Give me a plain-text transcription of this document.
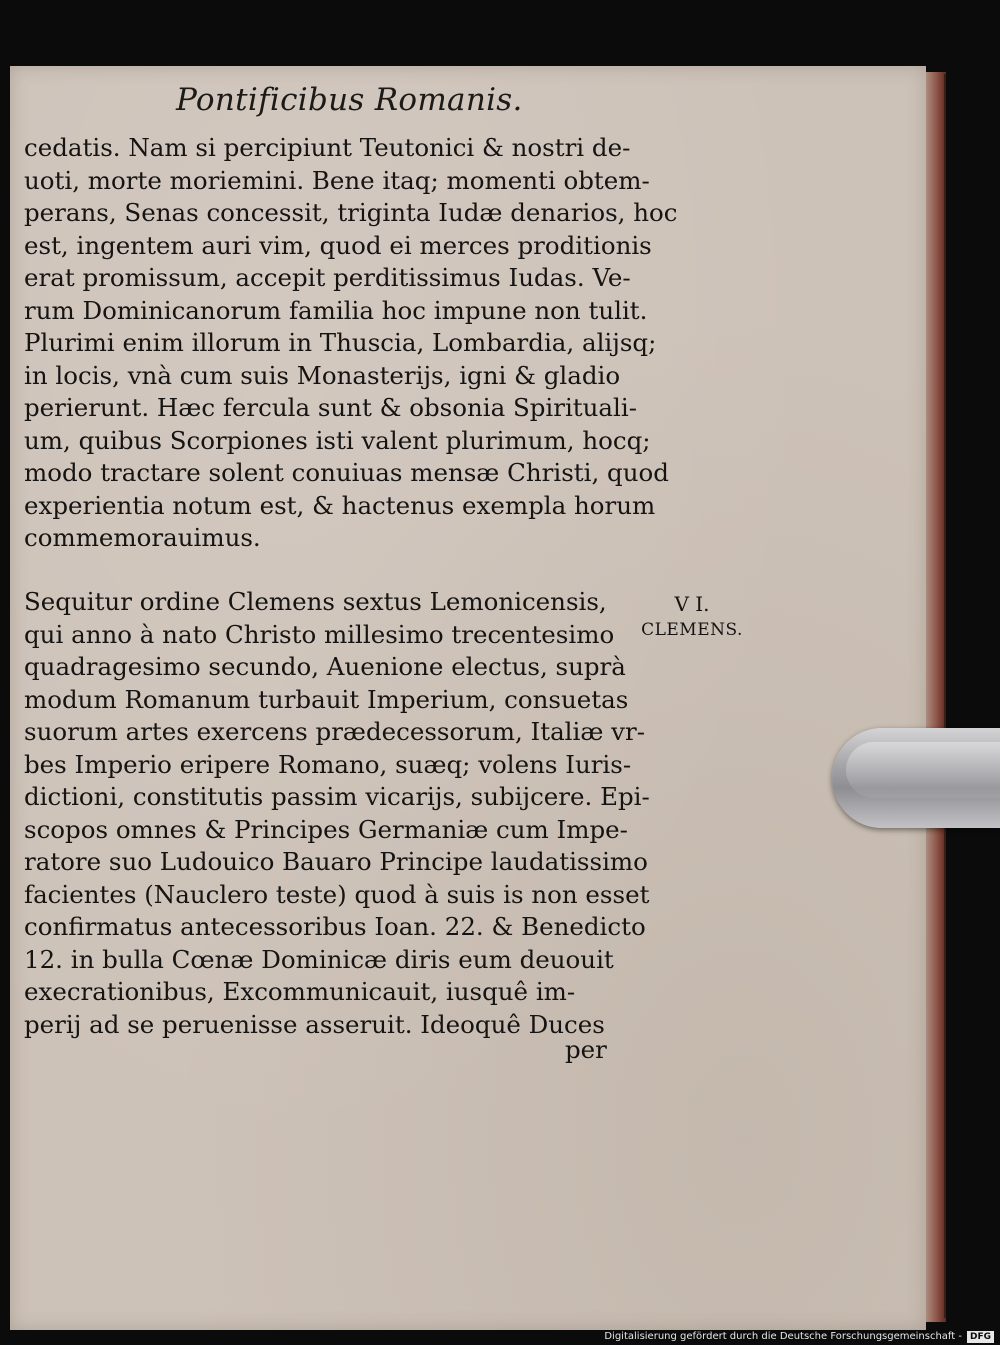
Pontificibus Romanis.
cedatis. Nam si percipiunt Teutonici & nostri de-
uoti, morte moriemini. Bene itaq; momenti obtem-
perans, Senas concessit, triginta Iudæ denarios, hoc
est, ingentem auri vim, quod ei merces proditionis
erat promissum, accepit perditissimus Iudas. Ve-
rum Dominicanorum familia hoc impune non tulit.
Plurimi enim illorum in Thuscia, Lombardia, alijsq;
in locis, vnà cum suis Monasterijs, igni & gladio
perierunt. Hæc fercula sunt & obsonia Spirituali-
um, quibus Scorpiones isti valent plurimum, hocq;
modo tractare solent conuiuas mensæ Christi, quod
experientia notum est, & hactenus exempla horum
commemorauimus.
Sequitur ordine Clemens sextus Lemonicensis,
qui anno à nato Christo millesimo trecentesimo
quadragesimo secundo, Auenione electus, suprà
modum Romanum turbauit Imperium, consuetas
suorum artes exercens prædecessorum, Italiæ vr-
bes Imperio eripere Romano, suæq; volens Iuris-
dictioni, constitutis passim vicarijs, subijcere. Epi-
scopos omnes & Principes Germaniæ cum Impe-
ratore suo Ludouico Bauaro Principe laudatissimo
facientes (Nauclero teste) quod à suis is non esset
confirmatus antecessoribus Ioan. 22. & Benedicto
12. in bulla Cœnæ Dominicæ diris eum deuouit
execrationibus, Excommunicauit, iusquê im-
perij ad se peruenisse asseruit. Ideoquê Duces
per
V I.
CLEMENS.
Digitalisierung gefördert durch die Deutsche Forschungsgemeinschaft - DFG
